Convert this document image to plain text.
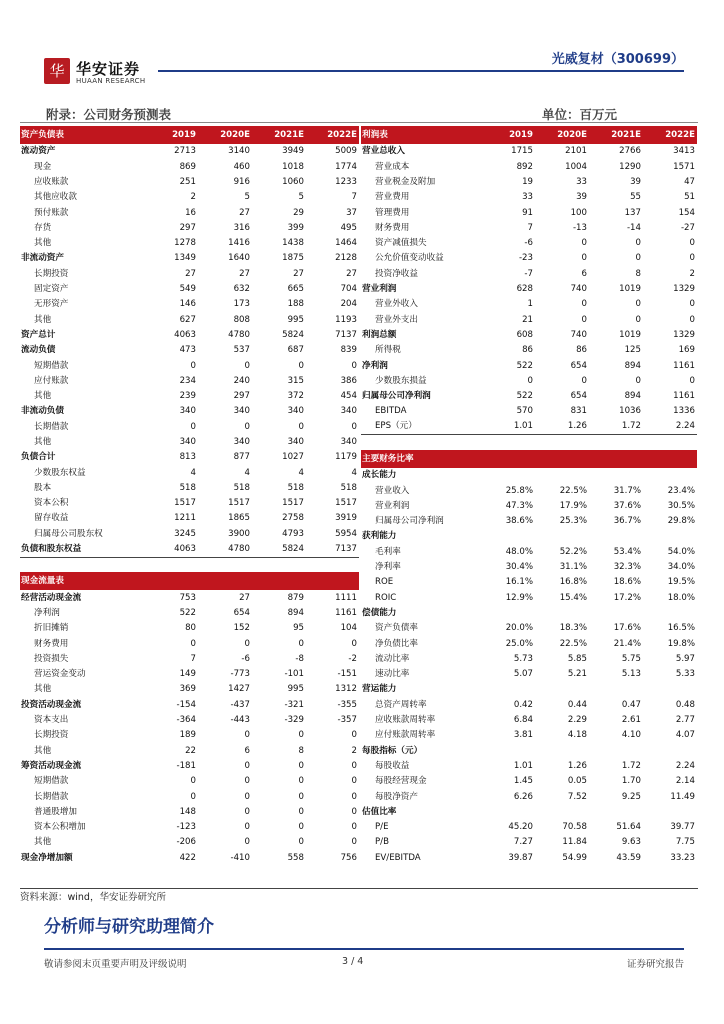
华 华安证券
HUAAN RESEARCH
光威复材（300699）
附录：公司财务预测表	单位：百万元
资产负债表	2019	2020E	2021E	2022E
流动资产	2713	3140	3949	5009
现金	869	460	1018	1774
应收账款	251	916	1060	1233
其他应收款	2	5	5	7
预付账款	16	27	29	37
存货	297	316	399	495
其他	1278	1416	1438	1464
非流动资产	1349	1640	1875	2128
长期投资	27	27	27	27
固定资产	549	632	665	704
无形资产	146	173	188	204
其他	627	808	995	1193
资产总计	4063	4780	5824	7137
流动负债	473	537	687	839
短期借款	0	0	0	0
应付账款	234	240	315	386
其他	239	297	372	454
非流动负债	340	340	340	340
长期借款	0	0	0	0
其他	340	340	340	340
负债合计	813	877	1027	1179
少数股东权益	4	4	4	4
股本	518	518	518	518
资本公积	1517	1517	1517	1517
留存收益	1211	1865	2758	3919
归属母公司股东权	3245	3900	4793	5954
负债和股东权益	4063	4780	5824	7137

现金流量表				
经营活动现金流	753	27	879	1111
净利润	522	654	894	1161
折旧摊销	80	152	95	104
财务费用	0	0	0	0
投资损失	7	-6	-8	-2
营运资金变动	149	-773	-101	-151
其他	369	1427	995	1312
投资活动现金流	-154	-437	-321	-355
资本支出	-364	-443	-329	-357
长期投资	189	0	0	0
其他	22	6	8	2
筹资活动现金流	-181	0	0	0
短期借款	0	0	0	0
长期借款	0	0	0	0
普通股增加	148	0	0	0
资本公积增加	-123	0	0	0
其他	-206	0	0	0
现金净增加额	422	-410	558	756
利润表	2019	2020E	2021E	2022E
营业总收入	1715	2101	2766	3413
营业成本	892	1004	1290	1571
营业税金及附加	19	33	39	47
营业费用	33	39	55	51
管理费用	91	100	137	154
财务费用	7	-13	-14	-27
资产减值损失	-6	0	0	0
公允价值变动收益	-23	0	0	0
投资净收益	-7	6	8	2
营业利润	628	740	1019	1329
营业外收入	1	0	0	0
营业外支出	21	0	0	0
利润总额	608	740	1019	1329
所得税	86	86	125	169
净利润	522	654	894	1161
少数股东损益	0	0	0	0
归属母公司净利润	522	654	894	1161
EBITDA	570	831	1036	1336
EPS（元）	1.01	1.26	1.72	2.24

主要财务比率				
成长能力				
营业收入	25.8%	22.5%	31.7%	23.4%
营业利润	47.3%	17.9%	37.6%	30.5%
归属母公司净利润	38.6%	25.3%	36.7%	29.8%
获利能力				
毛利率	48.0%	52.2%	53.4%	54.0%
净利率	30.4%	31.1%	32.3%	34.0%
ROE	16.1%	16.8%	18.6%	19.5%
ROIC	12.9%	15.4%	17.2%	18.0%
偿债能力				
资产负债率	20.0%	18.3%	17.6%	16.5%
净负债比率	25.0%	22.5%	21.4%	19.8%
流动比率	5.73	5.85	5.75	5.97
速动比率	5.07	5.21	5.13	5.33
营运能力				
总资产周转率	0.42	0.44	0.47	0.48
应收账款周转率	6.84	2.29	2.61	2.77
应付账款周转率	3.81	4.18	4.10	4.07
每股指标（元）				
每股收益	1.01	1.26	1.72	2.24
每股经营现金	1.45	0.05	1.70	2.14
每股净资产	6.26	7.52	9.25	11.49
估值比率				
P/E	45.20	70.58	51.64	39.77
P/B	7.27	11.84	9.63	7.75
EV/EBITDA	39.87	54.99	43.59	33.23
资料来源：wind，华安证券研究所
分析师与研究助理简介
敬请参阅末页重要声明及评级说明	3 / 4	证券研究报告
